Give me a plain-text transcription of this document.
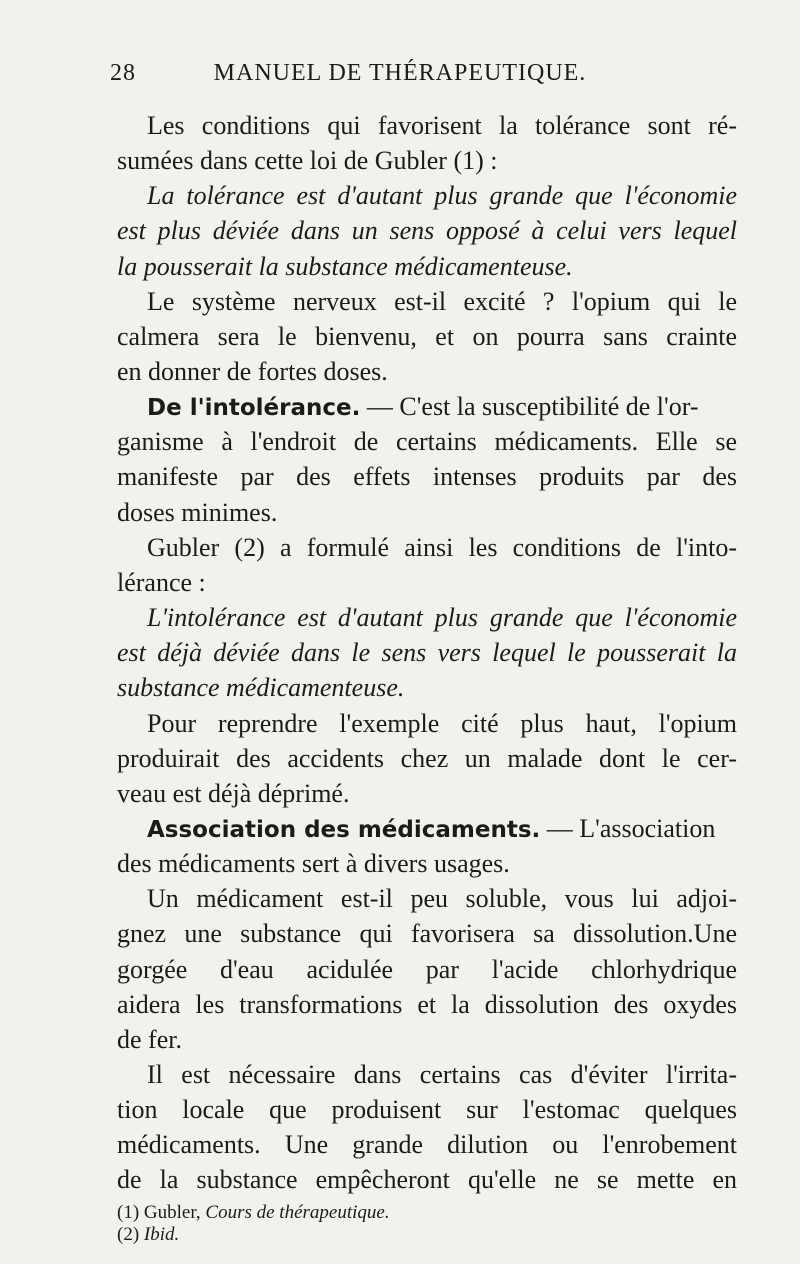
28	MANUEL DE THÉRAPEUTIQUE.
Les conditions qui favorisent la tolérance sont ré-
sumées dans cette loi de Gubler (1) :
La tolérance est d'autant plus grande que l'économie
est plus déviée dans un sens opposé à celui vers lequel
la pousserait la substance médicamenteuse.
Le système nerveux est-il excité ? l'opium qui le
calmera sera le bienvenu, et on pourra sans crainte
en donner de fortes doses.
De l'intolérance. — C'est la susceptibilité de l'or-
ganisme à l'endroit de certains médicaments. Elle se
manifeste par des effets intenses produits par des
doses minimes.
Gubler (2) a formulé ainsi les conditions de l'into-
lérance :
L'intolérance est d'autant plus grande que l'économie
est déjà déviée dans le sens vers lequel le pousserait la
substance médicamenteuse.
Pour reprendre l'exemple cité plus haut, l'opium
produirait des accidents chez un malade dont le cer-
veau est déjà déprimé.
Association des médicaments. — L'association
des médicaments sert à divers usages.
Un médicament est-il peu soluble, vous lui adjoi-
gnez une substance qui favorisera sa dissolution.Une
gorgée d'eau acidulée par l'acide chlorhydrique
aidera les transformations et la dissolution des oxydes
de fer.
Il est nécessaire dans certains cas d'éviter l'irrita-
tion locale que produisent sur l'estomac quelques
médicaments. Une grande dilution ou l'enrobement
de la substance empêcheront qu'elle ne se mette en
(1) Gubler, Cours de thérapeutique.
(2) Ibid.
